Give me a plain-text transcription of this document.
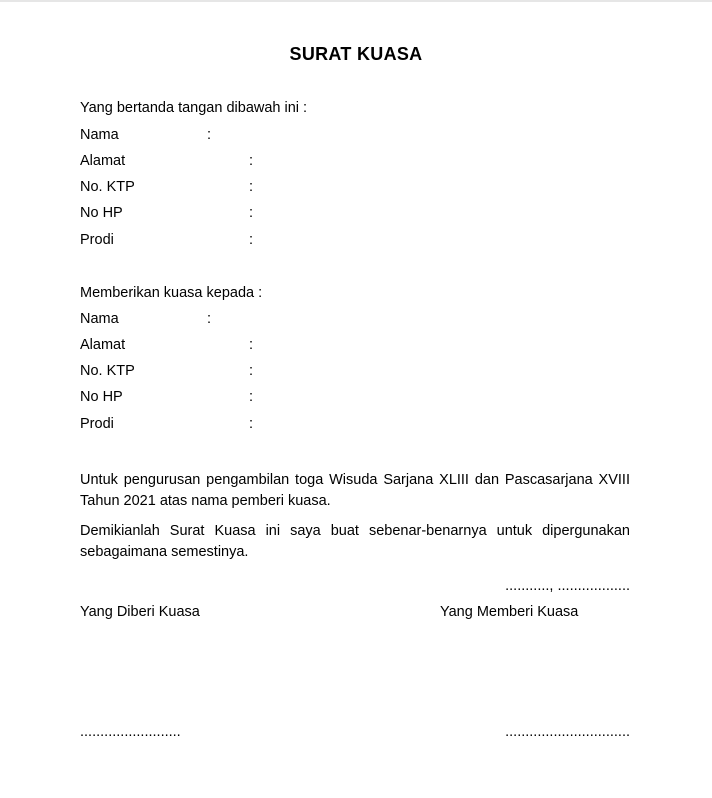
SURAT KUASA
Yang bertanda tangan dibawah ini :
Nama	:
Alamat	:
No. KTP	:
No HP	:
Prodi	:
Memberikan kuasa kepada :
Nama	:
Alamat	:
No. KTP	:
No HP	:
Prodi	:
Untuk pengurusan pengambilan toga Wisuda Sarjana XLIII dan Pascasarjana XVIII Tahun 2021 atas nama pemberi kuasa.
Demikianlah Surat Kuasa ini saya buat sebenar-benarnya untuk dipergunakan sebagaimana semestinya.
..........., ..................
Yang Diberi Kuasa	Yang Memberi Kuasa
.........................	...............................
